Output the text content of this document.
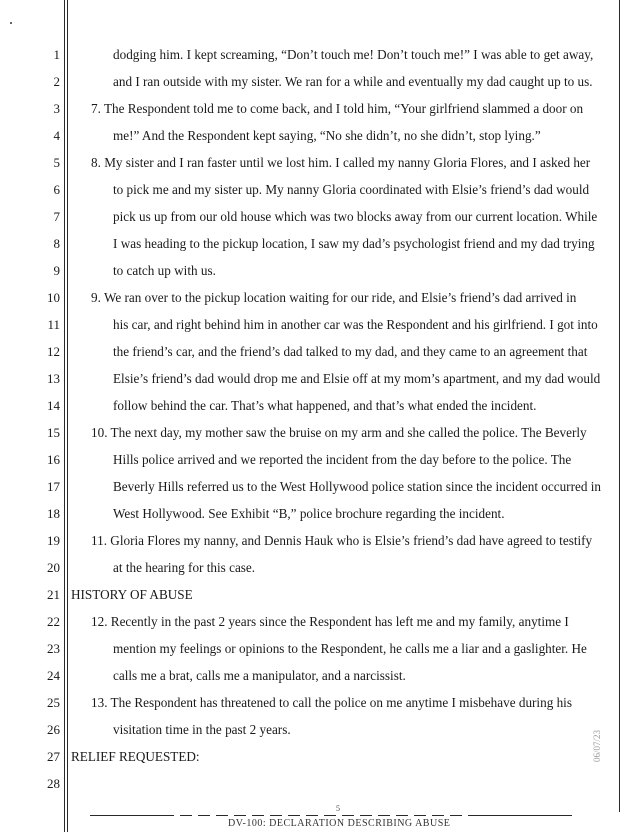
1
2
3
4
5
6
7
8
9
10
11
12
13
14
15
16
17
18
19
20
21
22
23
24
25
26
27
28
dodging him. I kept screaming, “Don’t touch me! Don’t touch me!” I was able to get away,
and I ran outside with my sister. We ran for a while and eventually my dad caught up to us.
7. The Respondent told me to come back, and I told him, “Your girlfriend slammed a door on
me!” And the Respondent kept saying, “No she didn’t, no she didn’t, stop lying.”
8. My sister and I ran faster until we lost him. I called my nanny Gloria Flores, and I asked her
to pick me and my sister up. My nanny Gloria coordinated with Elsie’s friend’s dad would
pick us up from our old house which was two blocks away from our current location. While
I was heading to the pickup location, I saw my dad’s psychologist friend and my dad trying
to catch up with us.
9. We ran over to the pickup location waiting for our ride, and Elsie’s friend’s dad arrived in
his car, and right behind him in another car was the Respondent and his girlfriend. I got into
the friend’s car, and the friend’s dad talked to my dad, and they came to an agreement that
Elsie’s friend’s dad would drop me and Elsie off at my mom’s apartment, and my dad would
follow behind the car. That’s what happened, and that’s what ended the incident.
10. The next day, my mother saw the bruise on my arm and she called the police. The Beverly
Hills police arrived and we reported the incident from the day before to the police. The
Beverly Hills referred us to the West Hollywood police station since the incident occurred in
West Hollywood. See Exhibit “B,” police brochure regarding the incident.
11. Gloria Flores my nanny, and Dennis Hauk who is Elsie’s friend’s dad have agreed to testify
at the hearing for this case.
HISTORY OF ABUSE
12. Recently in the past 2 years since the Respondent has left me and my family, anytime I
mention my feelings or opinions to the Respondent, he calls me a liar and a gaslighter. He
calls me a brat, calls me a manipulator, and a narcissist.
13. The Respondent has threatened to call the police on me anytime I misbehave during his
visitation time in the past 2 years.
RELIEF REQUESTED:
5
DV-100: DECLARATION DESCRIBING ABUSE
06/07/23
